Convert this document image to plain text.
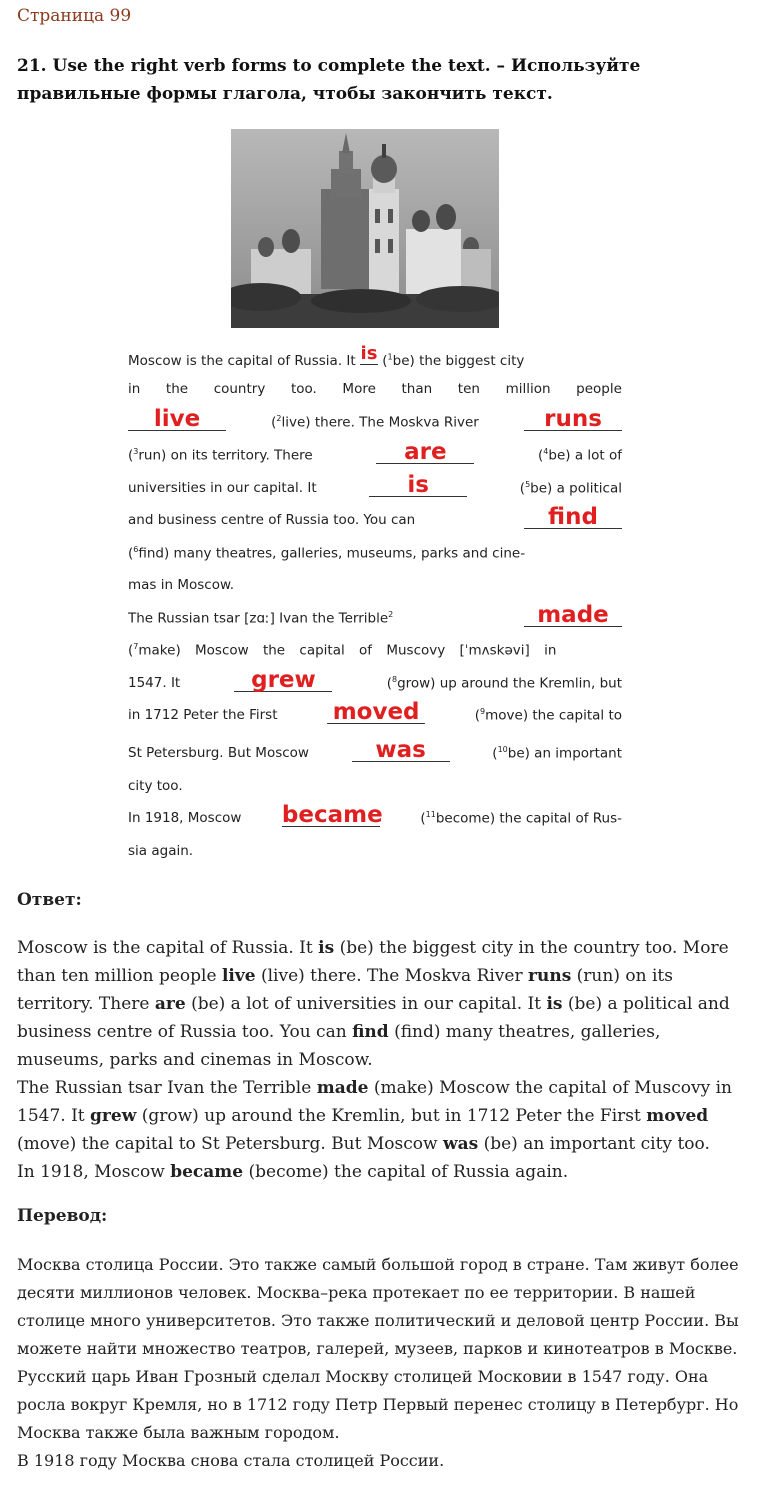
Страница 99
21. Use the right verb forms to complete the text. – Используйте правильные формы глагола, чтобы закончить текст.
Moscow is the capital of Russia. It is ($^1$be) the biggest city
in the country too. More than ten million people
live	($^2$live) there. The Moskva River	runs
($^3$run) on its territory. There	are	($^4$be) a lot of
universities in our capital. It	is	($^5$be) a political
and business centre of Russia too. You can	find
($^6$find) many theatres, galleries, museums, parks and cine-
mas in Moscow.
The Russian tsar [zɑː] Ivan the Terrible$^2$	made
($^7$make) Moscow the capital of Muscovy [ˈmʌskəvi] in
1547. It	grew	($^8$grow) up around the Kremlin, but
in 1712 Peter the First moved	($^9$move) the capital to
St Petersburg. But Moscow	was	($^{10}$be) an important
city too.
In 1918, Moscow became	($^{11}$become) the capital of Rus-
sia again.
Ответ:

Moscow is the capital of Russia. It is (be) the biggest city in the country too. More than ten million people live (live) there. The Moskva River runs (run) on its territory. There are (be) a lot of universities in our capital. It is (be) a political and business centre of Russia too. You can find (find) many theatres, galleries, museums, parks and cinemas in Moscow.

The Russian tsar Ivan the Terrible made (make) Moscow the capital of Muscovy in 1547. It grew (grow) up around the Kremlin, but in 1712 Peter the First moved (move) the capital to St Petersburg. But Moscow was (be) an important city too.

In 1918, Moscow became (become) the capital of Russia again.

Перевод:

Москва столица России. Это также самый большой город в стране. Там живут более десяти миллионов человек. Москва–река протекает по ее территории. В нашей столице много университетов. Это также политический и деловой центр России. Вы можете найти множество театров, галерей, музеев, парков и кинотеатров в Москве. Русский царь Иван Грозный сделал Москву столицей Московии в 1547 году. Она росла вокруг Кремля, но в 1712 году Петр Первый перенес столицу в Петербург. Но Москва также была важным городом.

В 1918 году Москва снова стала столицей России.
